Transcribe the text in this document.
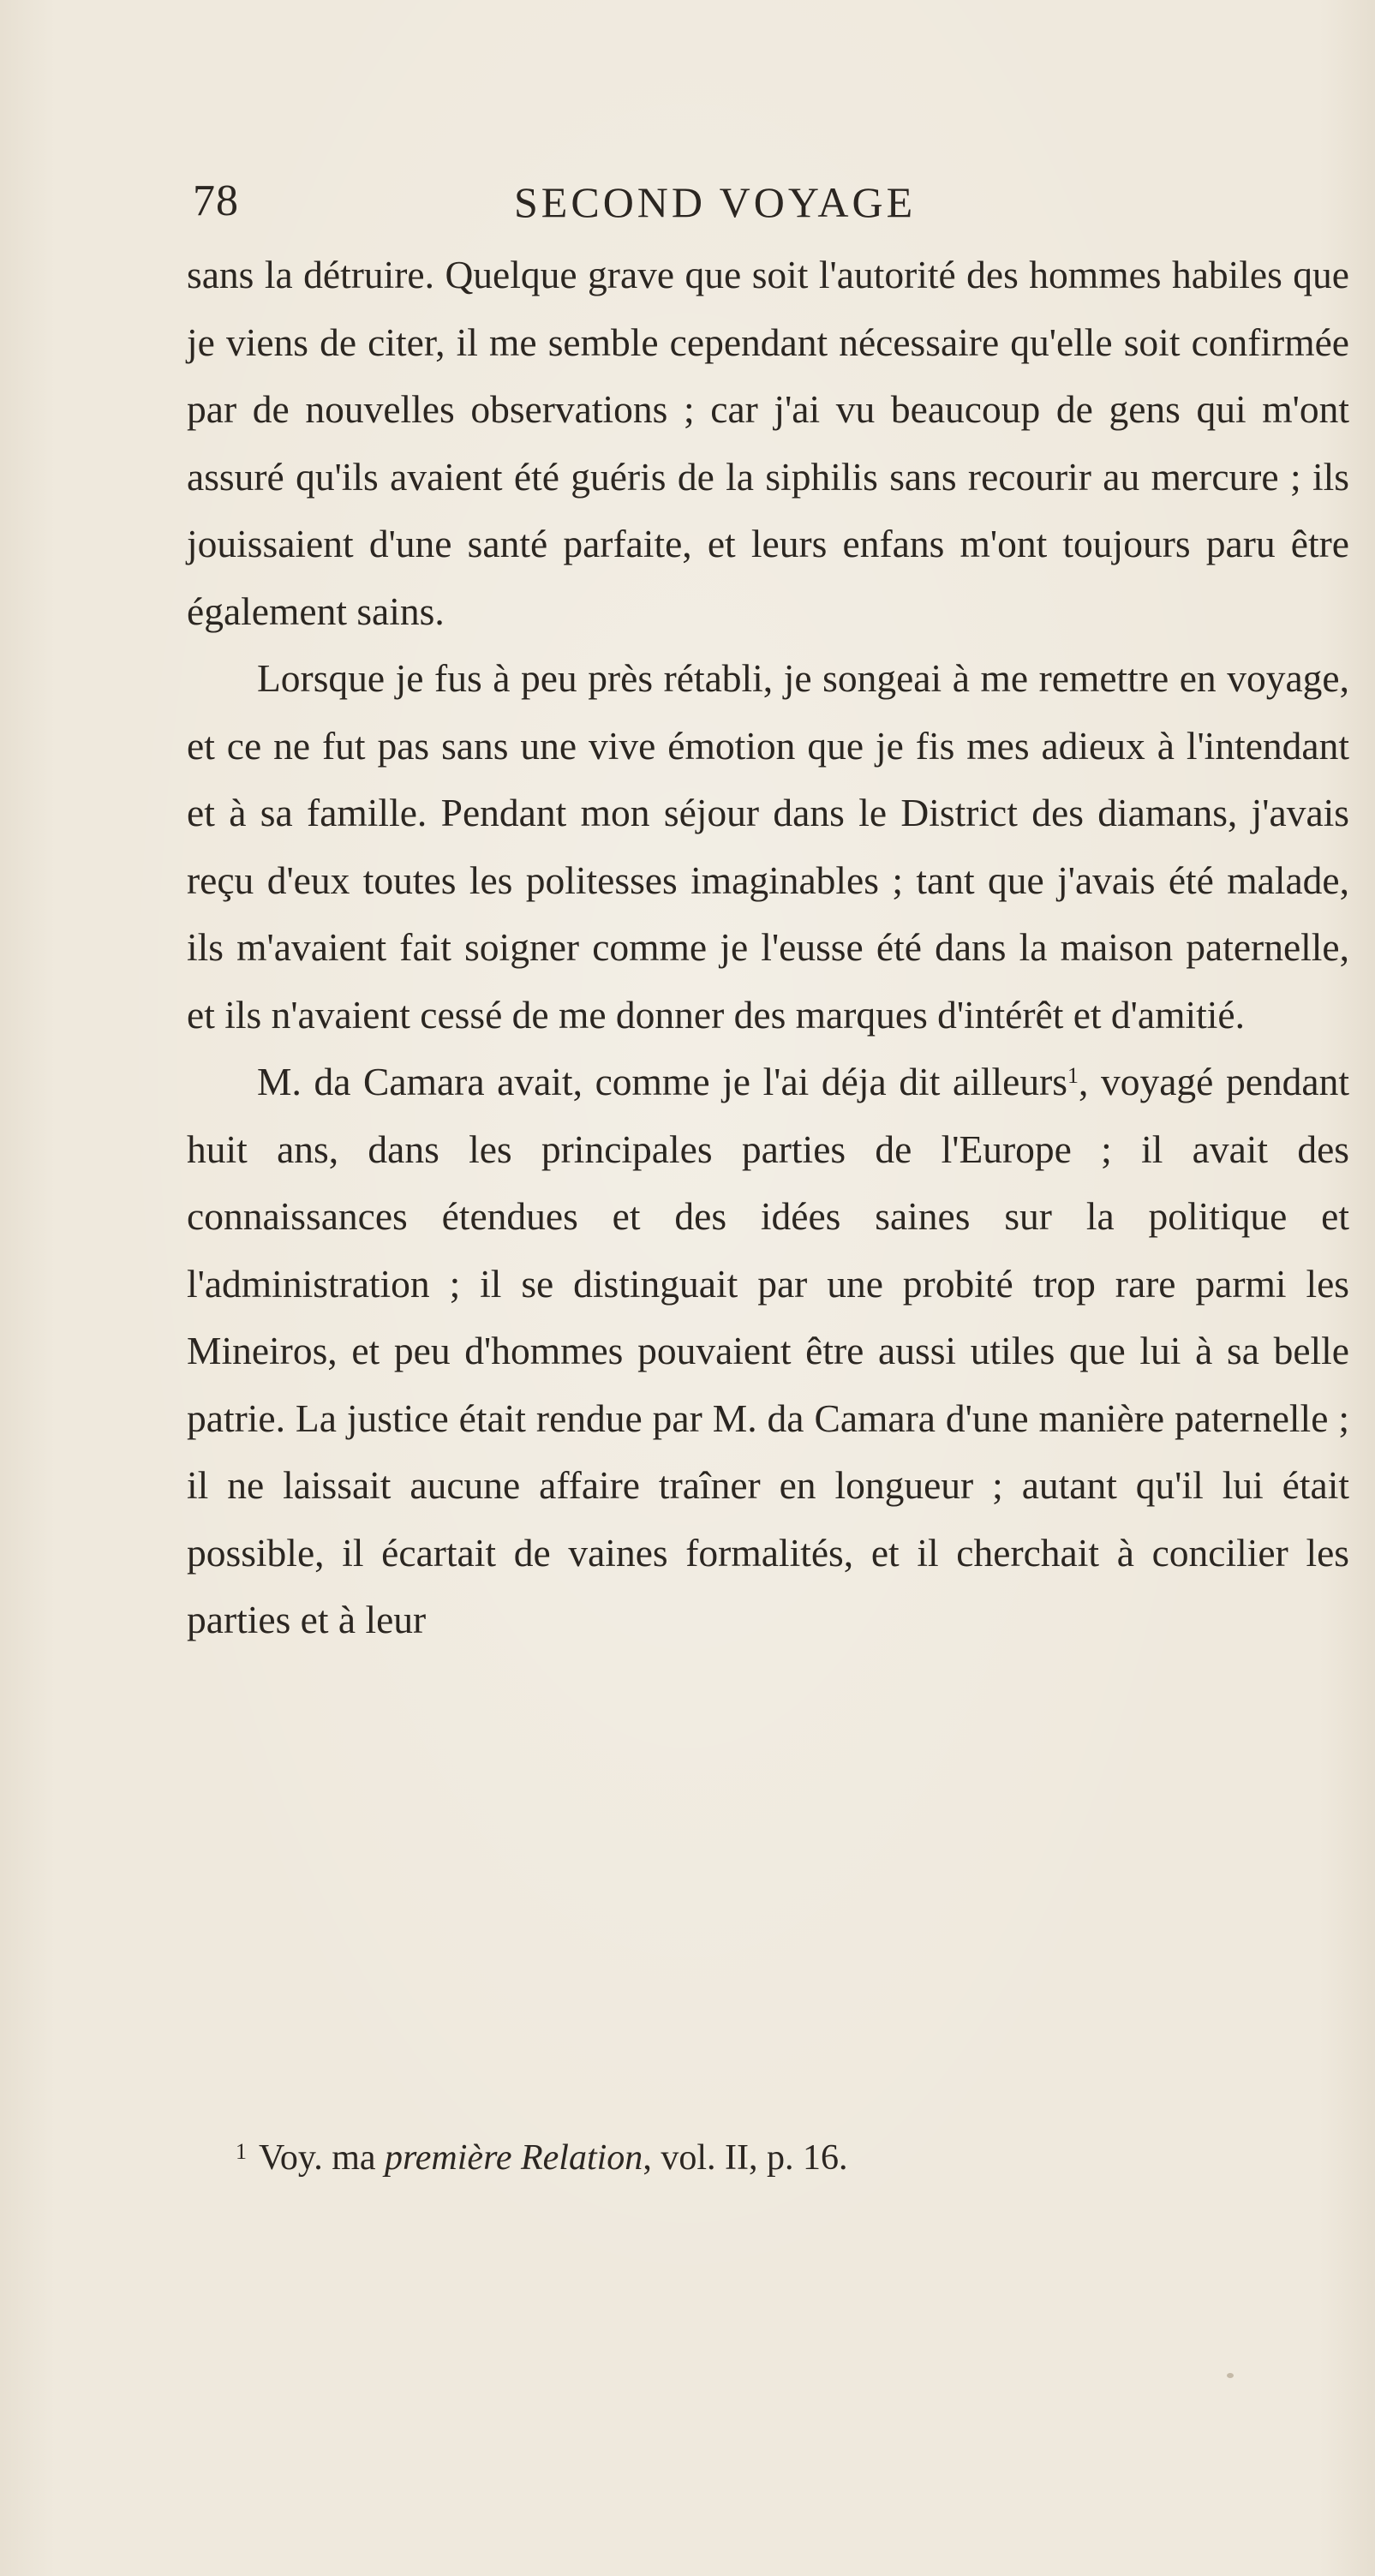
78	SECOND VOYAGE

sans la détruire. Quelque grave que soit l'autorité des hommes habiles que je viens de citer, il me semble cependant nécessaire qu'elle soit confirmée par de nouvelles observations ; car j'ai vu beaucoup de gens qui m'ont assuré qu'ils avaient été guéris de la siphilis sans recourir au mercure ; ils jouissaient d'une santé parfaite, et leurs enfans m'ont toujours paru être également sains.

Lorsque je fus à peu près rétabli, je songeai à me remettre en voyage, et ce ne fut pas sans une vive émotion que je fis mes adieux à l'intendant et à sa famille. Pendant mon séjour dans le District des diamans, j'avais reçu d'eux toutes les politesses imaginables ; tant que j'avais été malade, ils m'avaient fait soigner comme je l'eusse été dans la maison paternelle, et ils n'avaient cessé de me donner des marques d'intérêt et d'amitié.

M. da Camara avait, comme je l'ai déja dit ailleurs$^1$, voyagé pendant huit ans, dans les principales parties de l'Europe ; il avait des connaissances étendues et des idées saines sur la politique et l'administration ; il se distinguait par une probité trop rare parmi les Mineiros, et peu d'hommes pouvaient être aussi utiles que lui à sa belle patrie. La justice était rendue par M. da Camara d'une manière paternelle ; il ne laissait aucune affaire traîner en longueur ; autant qu'il lui était possible, il écartait de vaines formalités, et il cherchait à concilier les parties et à leur

$^1$ Voy. ma première Relation, vol. II, p. 16.
